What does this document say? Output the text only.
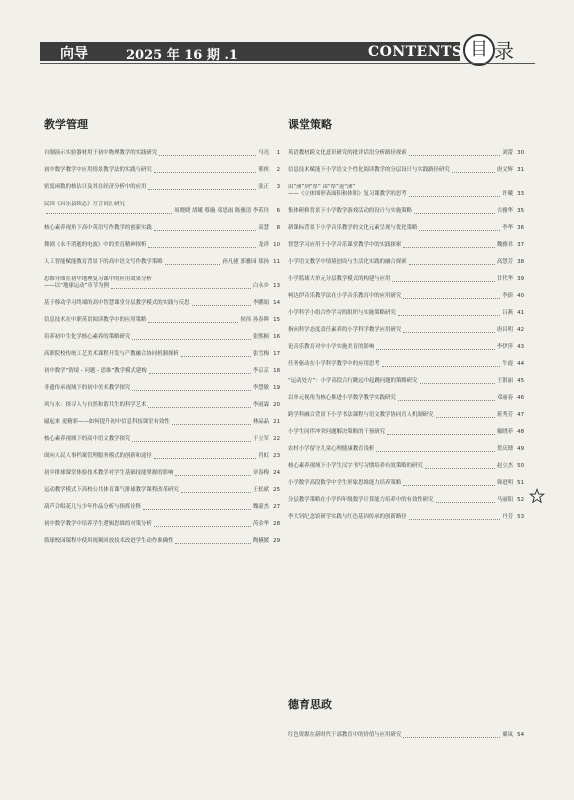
向导	2025 年 16 期 .1	CONTENTS 目 录
教学管理	课堂策略
德育思政
自制演示实验器材用于初中物理教学的实践研究	马亮	1
初中数学教学中应用情景教学法的实践与研究	邢侠	2
密度函数的核估计及其在经济分析中的应用	张正	3
民国《昌乐县续志》方言词汇研究
周晓晓 胡曦 蔡璇 邓思雨 陈雅清 李若玲	6
核心素养视角下高中英语写作教学的创新实践	高慧	8
舞剧《永不消逝的电波》中的美育精神探析	龙祥 10
人工智能赋能教育背景下的高中语文写作教学策略	孙凡捷 郭雅园 郑扬 11
思维导图在初中地理复习课中的应用效果分析
——以“地球运动”章节为例	白永乡 13
基于移动学习终端的高中智慧课堂分层教学模式的实践与反思	李鹏娟 14
信息技术在中职英语阅读教学中的应用策略	侯伟 孙春晖 15
培养初中生化学核心素养的策略研究	张熙桐 16
高职院校传统工艺美术课程开发与产教融合协同机制探析	张雪梅 17
初中数学“情境 - 问题 - 思维”教学模式建构	李京京 18
非遗传承视域下的初中美术教学探究	李慧敏 19
风与水：探寻人与自然和谐共生的科学艺术	李雨霖 20
磁起来 更精彩——如何提升初中信息科技课堂有效性	林晶晶 21
核心素养视域下的高中语文教学探究	于立军 22
面向人民人事档案管理服务模式的创新和途径	肖虹 23
初中排球课堂体验技术教学对学生基础技能掌握的影响	章春梅 24
运动教学模式下高校公共体育课气排球教学课程改革研究	王松斌 25
葫芦合唱花儿与少年作品分析与指挥诠释	魏豪杰 27
初中数学教学中培养学生逻辑思维的对策分析	芮金华 28
篮球校园课程中使用视频回放技术改进学生动作准确性	陶嬿媛 29
英语教材跨文化意识研究的批评话语分析路径探索	刘蕾 30
信息技术赋能下小学语文个性化阅读教学的分层设计与实践路径研究	唐文辉 31
由“薄”到“厚” 由“厚”返“薄”
——《立体图形表面积和体积》复习课教学的思考	许曦 33
集体研修背景下小学数学游戏活动的设计与实施策略	吉雅华 35
新课标背景下小学音乐教学的文化元素呈现与优化策略	李华 36
智慧学习应用于小学音乐课堂教学中的实践探索	魏雅君 37
小学语文教学中情境创设与生活化实践的融合探索	高慧芳 38
小学篮球大单元分层教学模式的构建与应用	甘代华 39
柯达伊音乐教学法在小学音乐教育中的应用研究	李蔚 40
小学科学小组合作学习的组织与实施策略研究	吕燕 41
指向科学态度责任素养的小学科学教学应用研究	唐昌明 42
论音乐教育对中小学实施美育的影响	李伊萍 43
任务驱动在小学科学教学中的应用思考	牛霞 44
“运动处方”：小学高段合行跳远中起跳问题的策略研究	王银丽 45
以单元视角为核心推进小学数学教学实践研究	邓丽春 46
跨学科融合背景下小学书法课程与语文教学协同育人机制研究	蒋秀芳 47
小学生同伴冲突问题解决策略的干预研究	戴晓菲 48
农村小学留守儿童心理健康教育浅析	贺庆锺 49
核心素养视域下小学生汉字书写习惯培养有效策略的研究	赵立杰 50
小学数学高段数学中学生形象思维能力培养策略	韩进明 51
分层教学策略在小学四年级数学计算能力培养中的有效性研究	马丽阳 52
李大钊纪念馆研学实践与红色基因传承的创新路径	丹芳 53
红色资源在新时代干部教育中的价值与应用研究	粟岚 54
